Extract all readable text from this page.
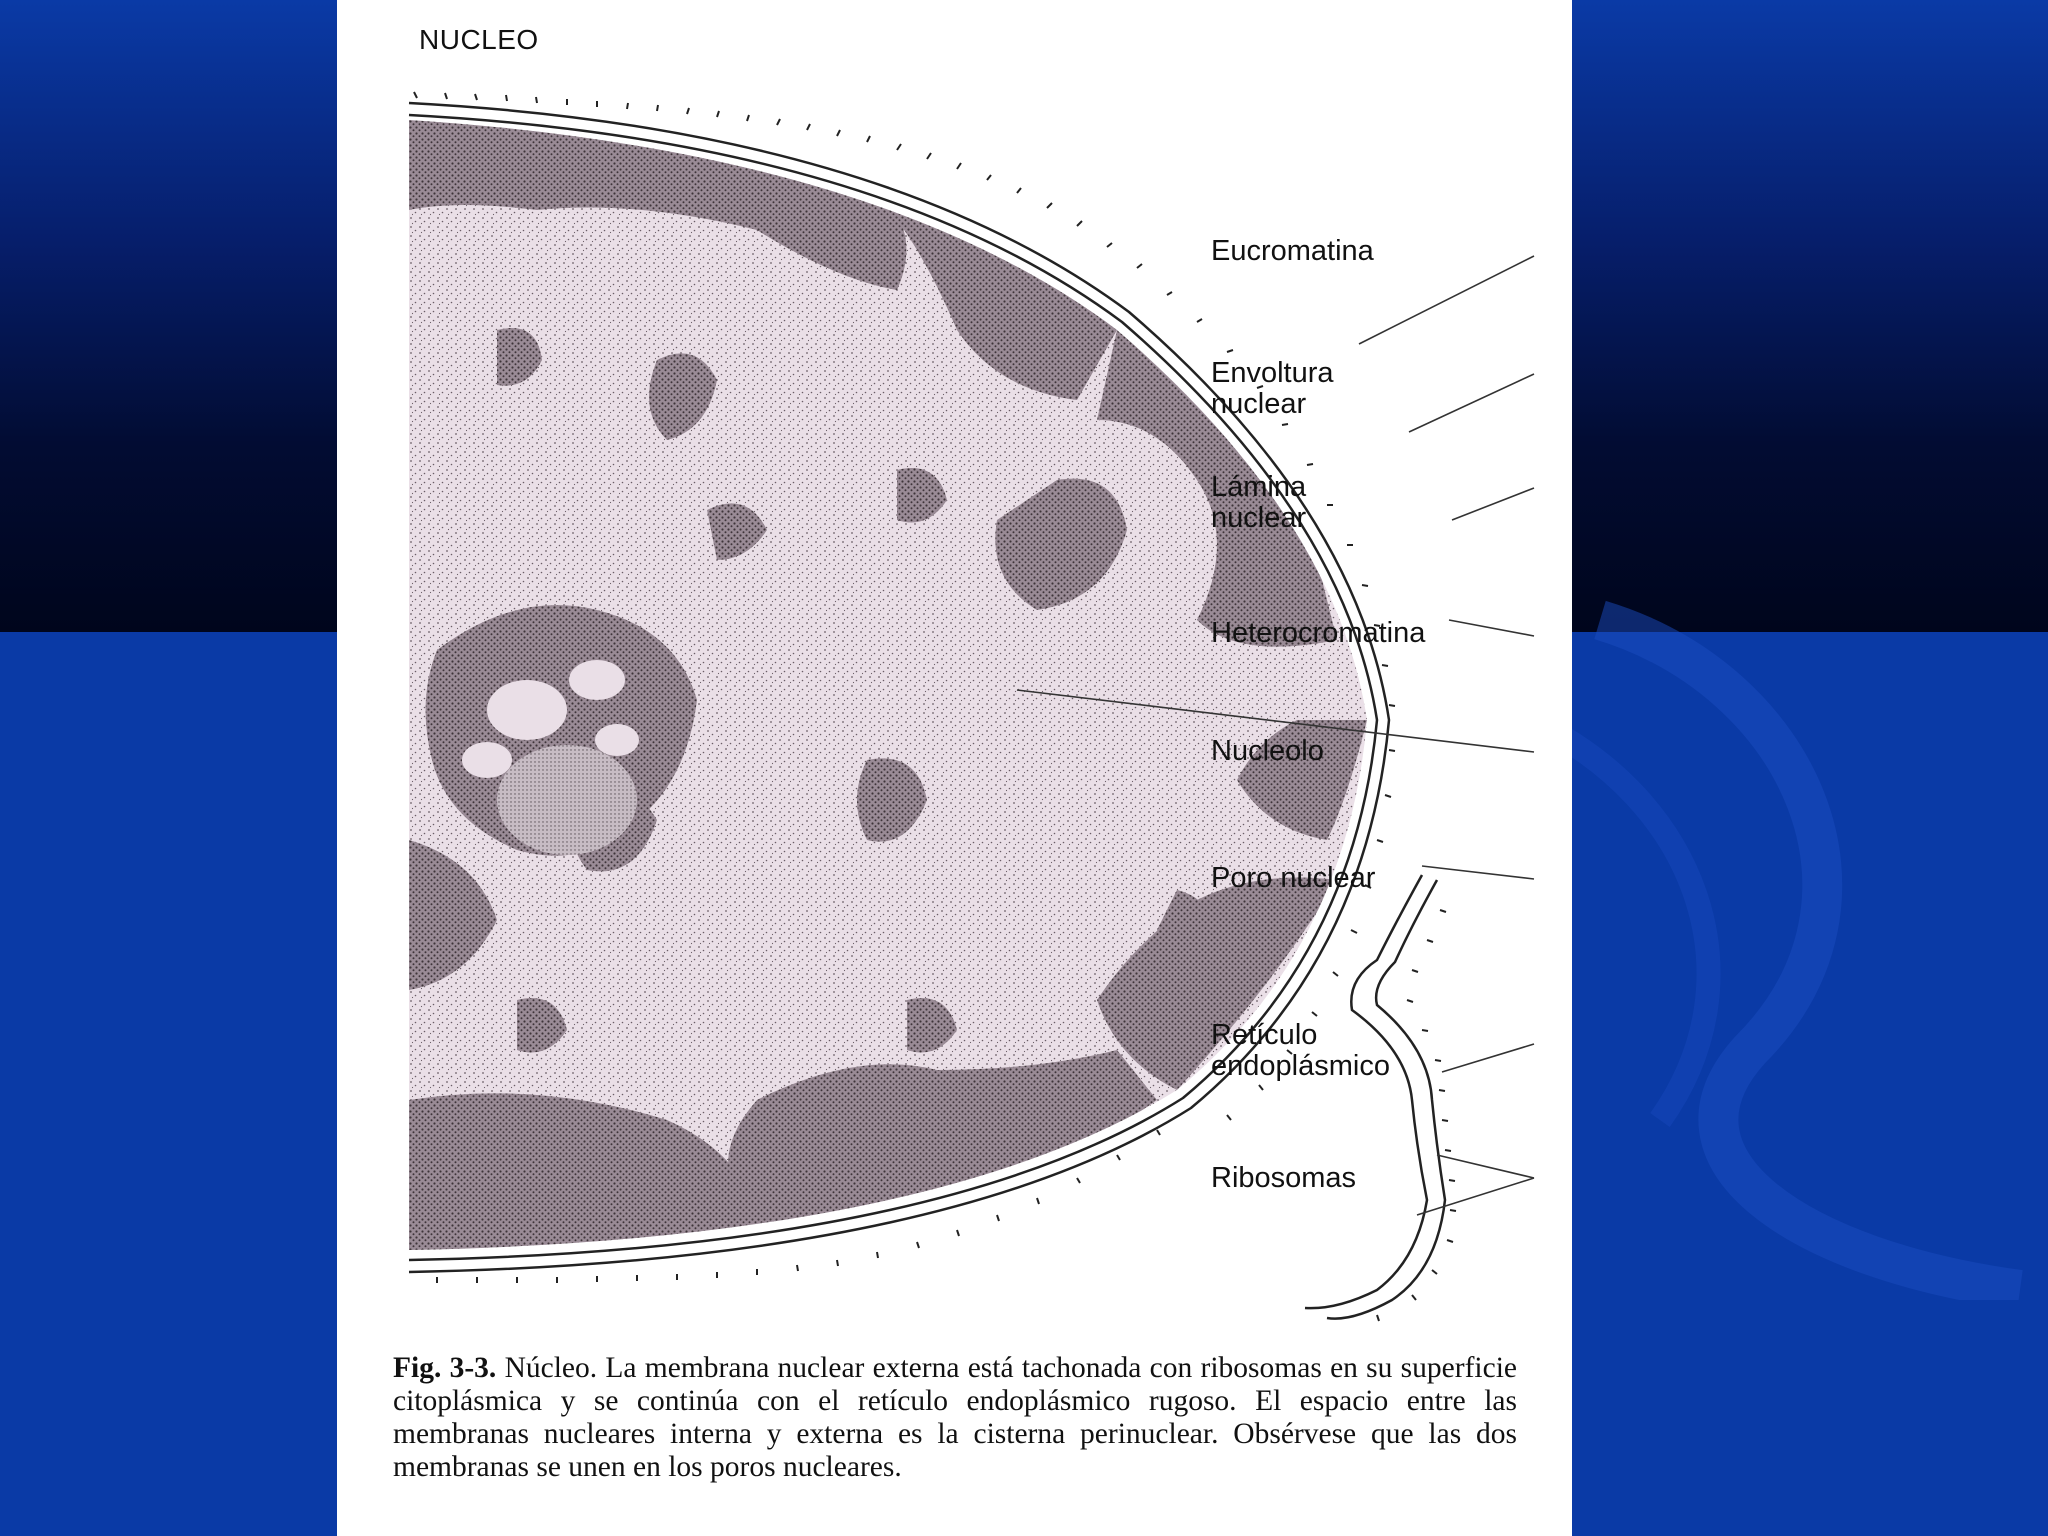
NUCLEO
Eucromatina
Envoltura
nuclear
Lámina
nuclear
Heterocromatina
Nucleolo
Poro nuclear
Retículo
endoplásmico
Ribosomas
Fig. 3-3. Núcleo. La membrana nuclear externa está tachonada con ribosomas en su superficie citoplásmica y se continúa con el retículo endoplásmico rugoso. El espacio entre las membranas nucleares interna y externa es la cisterna perinuclear. Obsérvese que las dos membranas se unen en los poros nucleares.
